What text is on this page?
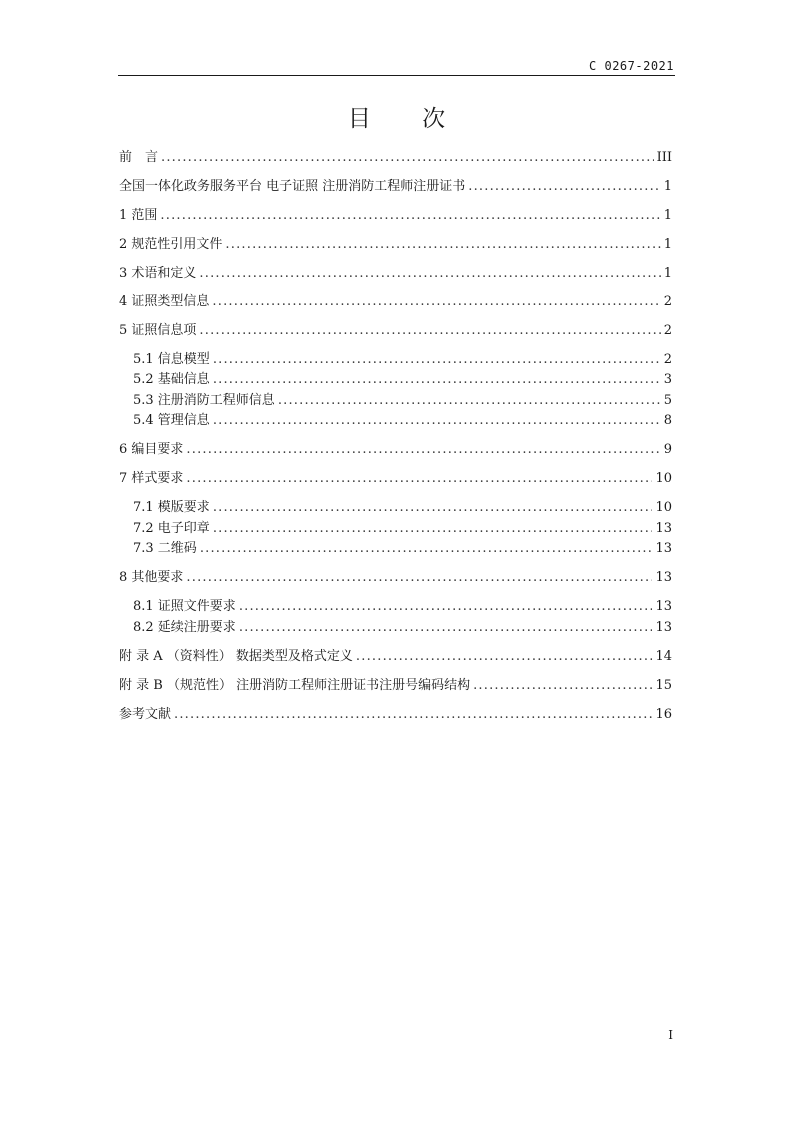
C 0267-2021
目 次
前　言 .....	III
全国一体化政务服务平台 电子证照 注册消防工程师注册证书 .....	1
1 范围 .....	1
2 规范性引用文件 .....	1
3 术语和定义 .....	1
4 证照类型信息 .....	2
5 证照信息项 .....	2
5.1 信息模型 .....	2
5.2 基础信息 .....	3
5.3 注册消防工程师信息 .....	5
5.4 管理信息 .....	8
6 编目要求 .....	9
7 样式要求 .....	10
7.1 模版要求 .....	10
7.2 电子印章 .....	13
7.3 二维码 .....	13
8 其他要求 .....	13
8.1 证照文件要求 .....	13
8.2 延续注册要求 .....	13
附 录 A （资料性） 数据类型及格式定义 .....	14
附 录 B （规范性） 注册消防工程师注册证书注册号编码结构 .....	15
参考文献 .....	16
I
